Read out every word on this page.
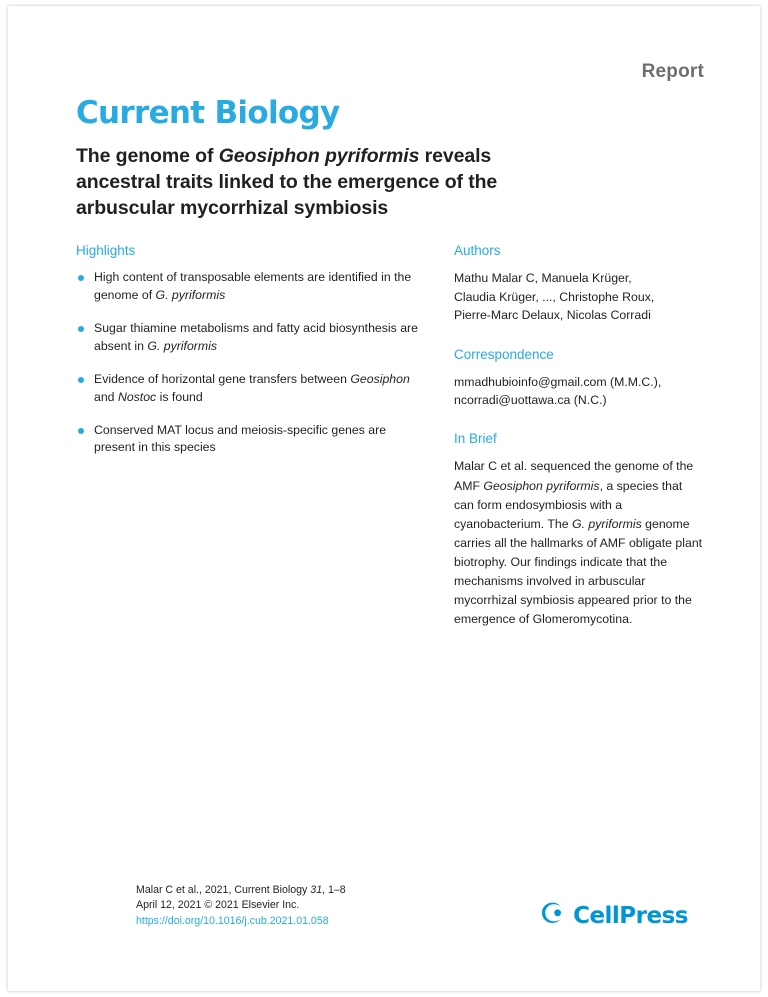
Report
Current Biology
The genome of Geosiphon pyriformis reveals
ancestral traits linked to the emergence of the
arbuscular mycorrhizal symbiosis
Highlights
High content of transposable elements are identified in the genome of G. pyriformis
Sugar thiamine metabolisms and fatty acid biosynthesis are absent in G. pyriformis
Evidence of horizontal gene transfers between Geosiphon and Nostoc is found
Conserved MAT locus and meiosis-specific genes are present in this species
Authors
Mathu Malar C, Manuela Krüger,
Claudia Krüger, ..., Christophe Roux,
Pierre-Marc Delaux, Nicolas Corradi
Correspondence
mmadhubioinfo@gmail.com (M.M.C.),
ncorradi@uottawa.ca (N.C.)
In Brief
Malar C et al. sequenced the genome of the AMF Geosiphon pyriformis, a species that can form endosymbiosis with a cyanobacterium. The G. pyriformis genome carries all the hallmarks of AMF obligate plant biotrophy. Our findings indicate that the mechanisms involved in arbuscular mycorrhizal symbiosis appeared prior to the emergence of Glomeromycotina.
Malar C et al., 2021, Current Biology 31, 1–8
April 12, 2021 © 2021 Elsevier Inc.
https://doi.org/10.1016/j.cub.2021.01.058	CellPress
